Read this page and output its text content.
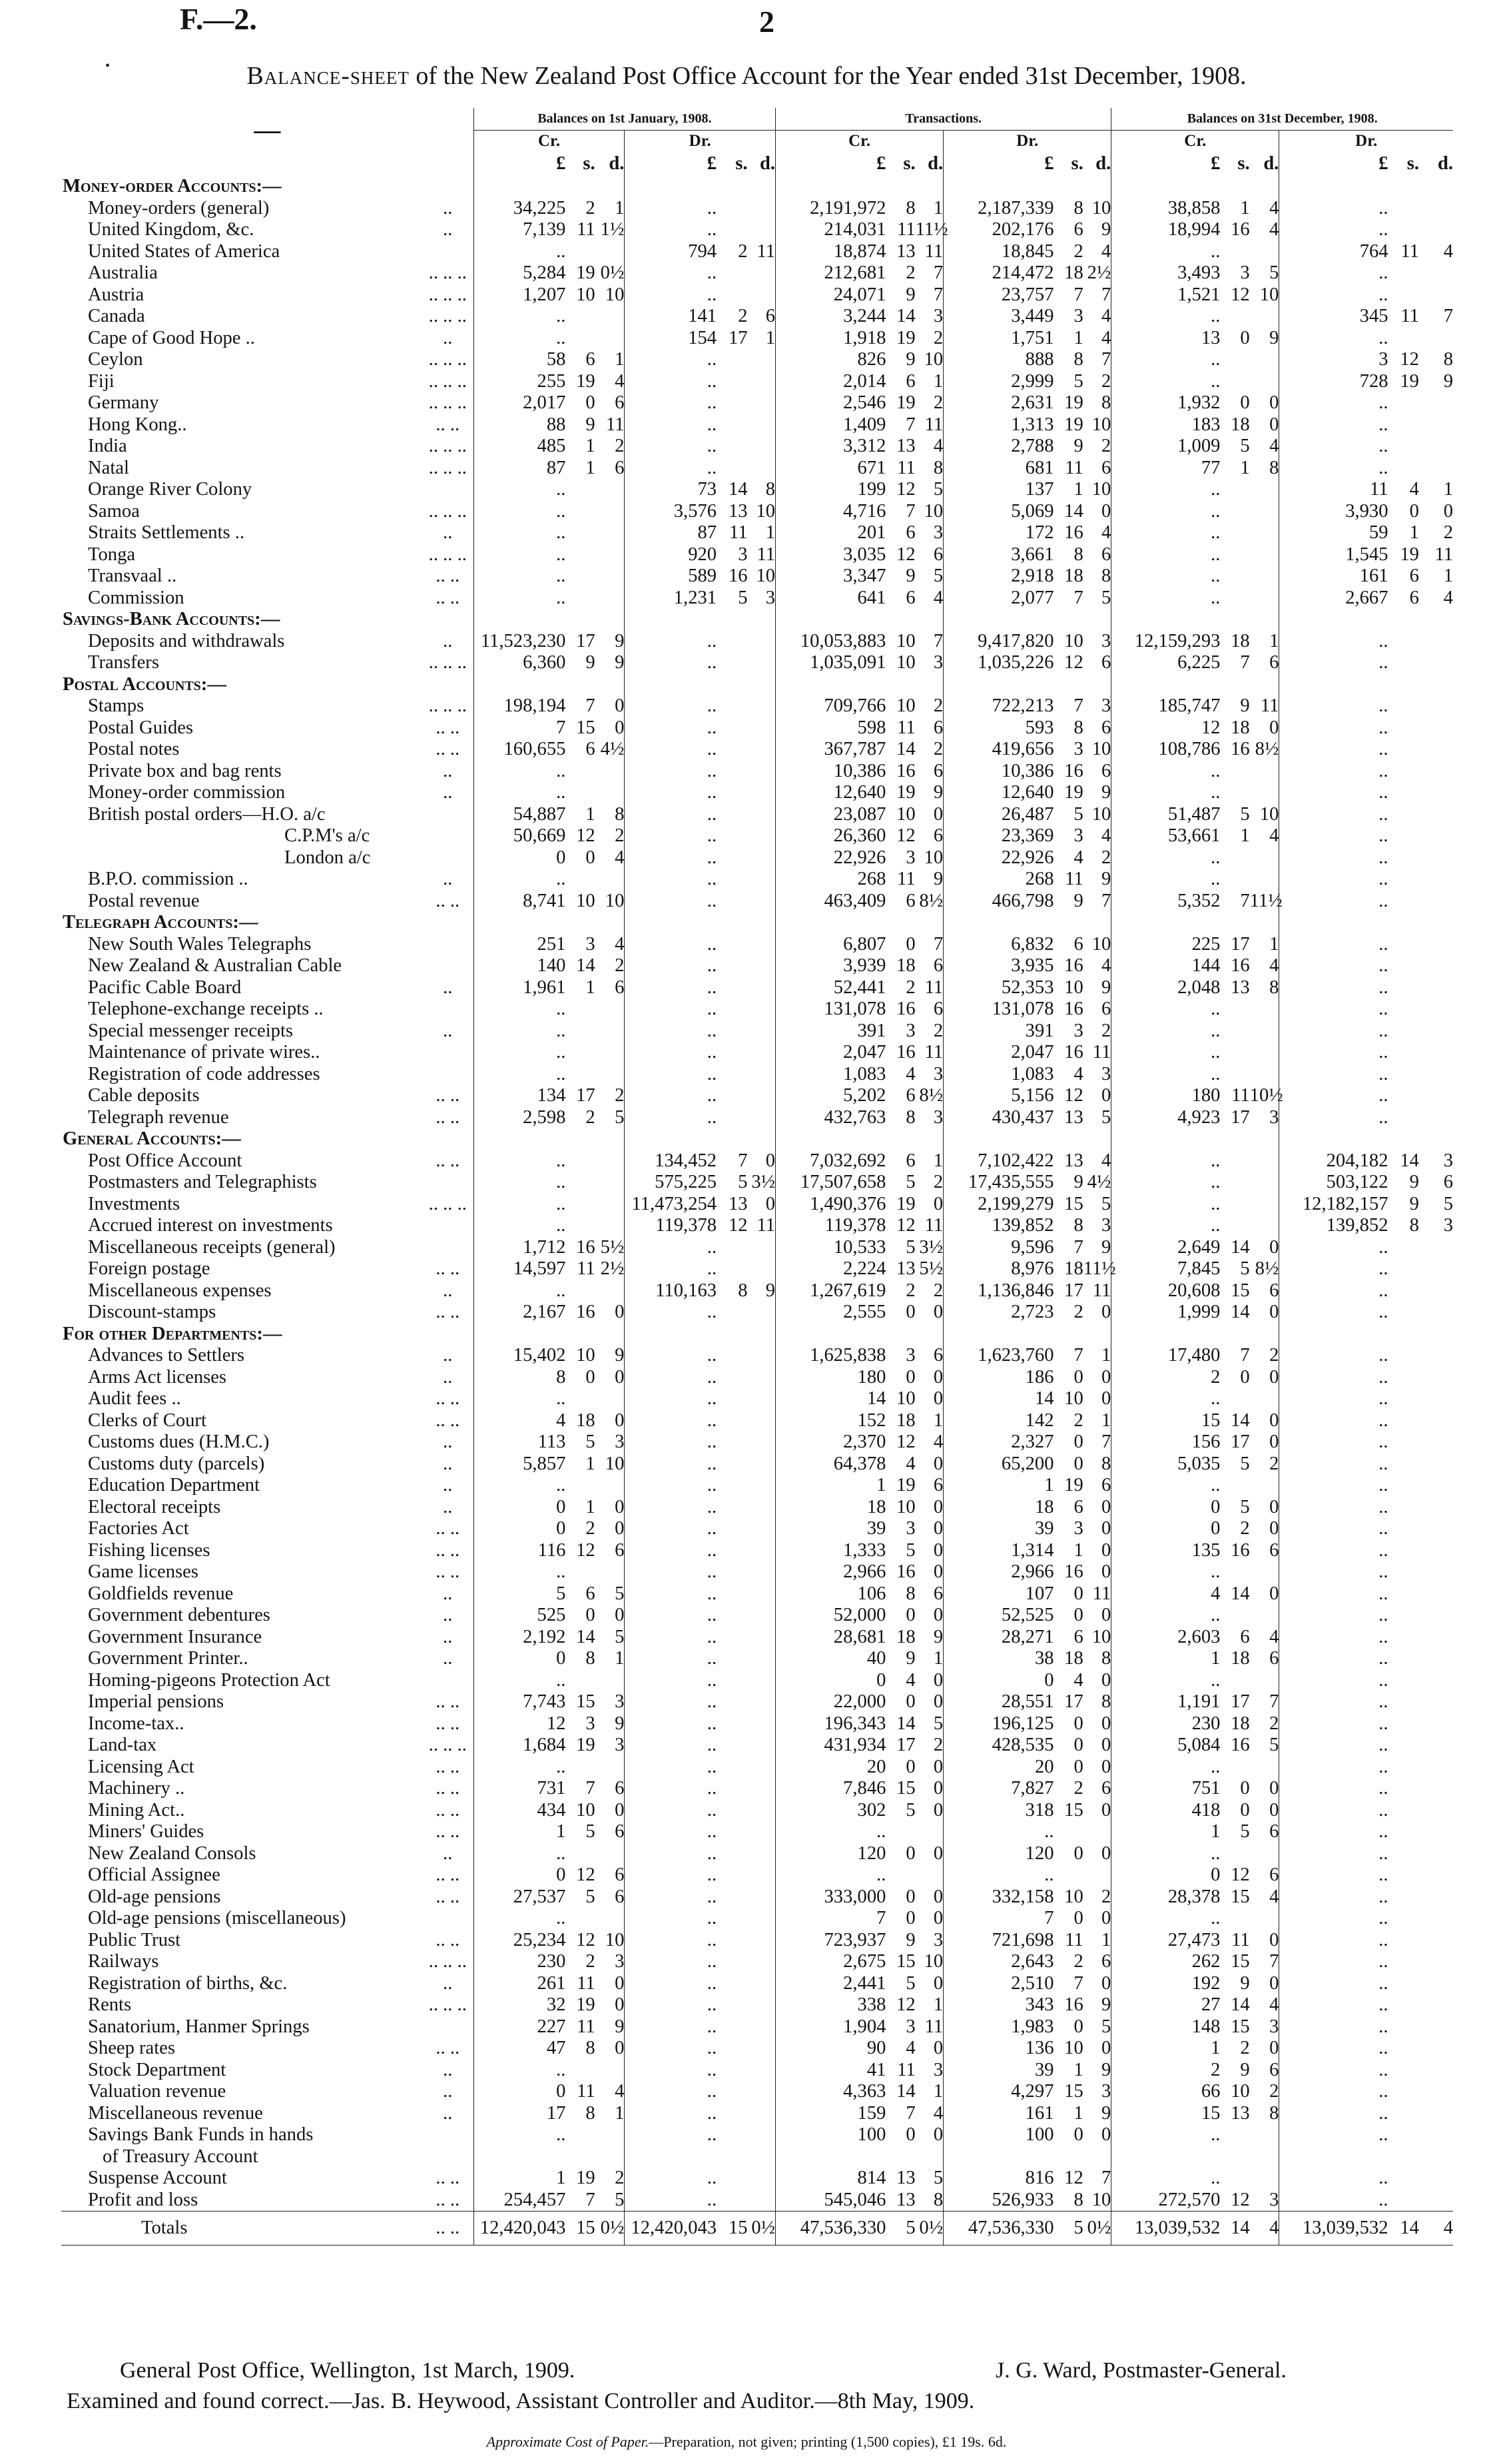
F.—2.	2
•	Balance-sheet of the New Zealand Post Office Account for the Year ended 31st December, 1908.
—		Balances on 1st January, 1908.						Transactions.						Balances on 31st December, 1908.					
		Cr.			Dr.			Cr.			Dr.			Cr.			Dr.		
		£	s.	d.	£	s.	d.	£	s.	d.	£	s.	d.	£	s.	d.	£	s.	d.
Money-order Accounts:—																			
Money-orders (general)	..	34,225	2	1	..			2,191,972	8	1	2,187,339	8	10	38,858	1	4	..		
United Kingdom, &c.	..	7,139	11	1½	..			214,031	11	11½	202,176	6	9	18,994	16	4	..		
United States of America		..			794	2	11	18,874	13	11	18,845	2	4	..			764	11	4
Australia	.. .. ..	5,284	19	0½	..			212,681	2	7	214,472	18	2½	3,493	3	5	..		
Austria	.. .. ..	1,207	10	10	..			24,071	9	7	23,757	7	7	1,521	12	10	..		
Canada	.. .. ..	..			141	2	6	3,244	14	3	3,449	3	4	..			345	11	7
Cape of Good Hope ..	..	..			154	17	1	1,918	19	2	1,751	1	4	13	0	9	..		
Ceylon	.. .. ..	58	6	1	..			826	9	10	888	8	7	..			3	12	8
Fiji	.. .. ..	255	19	4	..			2,014	6	1	2,999	5	2	..			728	19	9
Germany	.. .. ..	2,017	0	6	..			2,546	19	2	2,631	19	8	1,932	0	0	..		
Hong Kong..	.. ..	88	9	11	..			1,409	7	11	1,313	19	10	183	18	0	..		
India	.. .. ..	485	1	2	..			3,312	13	4	2,788	9	2	1,009	5	4	..		
Natal	.. .. ..	87	1	6	..			671	11	8	681	11	6	77	1	8	..		
Orange River Colony		..			73	14	8	199	12	5	137	1	10	..			11	4	1
Samoa	.. .. ..	..			3,576	13	10	4,716	7	10	5,069	14	0	..			3,930	0	0
Straits Settlements ..	..	..			87	11	1	201	6	3	172	16	4	..			59	1	2
Tonga	.. .. ..	..			920	3	11	3,035	12	6	3,661	8	6	..			1,545	19	11
Transvaal ..	.. ..	..			589	16	10	3,347	9	5	2,918	18	8	..			161	6	1
Commission	.. ..	..			1,231	5	3	641	6	4	2,077	7	5	..			2,667	6	4
Savings-Bank Accounts:—																			
Deposits and withdrawals	..	11,523,230	17	9	..			10,053,883	10	7	9,417,820	10	3	12,159,293	18	1	..		
Transfers	.. .. ..	6,360	9	9	..			1,035,091	10	3	1,035,226	12	6	6,225	7	6	..		
Postal Accounts:—																			
Stamps	.. .. ..	198,194	7	0	..			709,766	10	2	722,213	7	3	185,747	9	11	..		
Postal Guides	.. ..	7	15	0	..			598	11	6	593	8	6	12	18	0	..		
Postal notes	.. ..	160,655	6	4½	..			367,787	14	2	419,656	3	10	108,786	16	8½	..		
Private box and bag rents	..	..			..			10,386	16	6	10,386	16	6	..			..		
Money-order commission	..	..			..			12,640	19	9	12,640	19	9	..			..		
British postal orders—H.O. a/c		54,887	1	8	..			23,087	10	0	26,487	5	10	51,487	5	10	..		
C.P.M's a/c		50,669	12	2	..			26,360	12	6	23,369	3	4	53,661	1	4	..		
London a/c		0	0	4	..			22,926	3	10	22,926	4	2	..			..		
B.P.O. commission ..	..	..			..			268	11	9	268	11	9	..			..		
Postal revenue	.. ..	8,741	10	10	..			463,409	6	8½	466,798	9	7	5,352	7	11½	..		
Telegraph Accounts:—																			
New South Wales Telegraphs		251	3	4	..			6,807	0	7	6,832	6	10	225	17	1	..		
New Zealand & Australian Cable		140	14	2	..			3,939	18	6	3,935	16	4	144	16	4	..		
Pacific Cable Board	..	1,961	1	6	..			52,441	2	11	52,353	10	9	2,048	13	8	..		
Telephone-exchange receipts ..		..			..			131,078	16	6	131,078	16	6	..			..		
Special messenger receipts	..	..			..			391	3	2	391	3	2	..			..		
Maintenance of private wires..		..			..			2,047	16	11	2,047	16	11	..			..		
Registration of code addresses		..			..			1,083	4	3	1,083	4	3	..			..		
Cable deposits	.. ..	134	17	2	..			5,202	6	8½	5,156	12	0	180	11	10½	..		
Telegraph revenue	.. ..	2,598	2	5	..			432,763	8	3	430,437	13	5	4,923	17	3	..		
General Accounts:—																			
Post Office Account	.. ..	..			134,452	7	0	7,032,692	6	1	7,102,422	13	4	..			204,182	14	3
Postmasters and Telegraphists		..			575,225	5	3½	17,507,658	5	2	17,435,555	9	4½	..			503,122	9	6
Investments	.. .. ..	..			11,473,254	13	0	1,490,376	19	0	2,199,279	15	5	..			12,182,157	9	5
Accrued interest on investments		..			119,378	12	11	119,378	12	11	139,852	8	3	..			139,852	8	3
Miscellaneous receipts (general)		1,712	16	5½	..			10,533	5	3½	9,596	7	9	2,649	14	0	..		
Foreign postage	.. ..	14,597	11	2½	..			2,224	13	5½	8,976	18	11½	7,845	5	8½	..		
Miscellaneous expenses	..	..			110,163	8	9	1,267,619	2	2	1,136,846	17	11	20,608	15	6	..		
Discount-stamps	.. ..	2,167	16	0	..			2,555	0	0	2,723	2	0	1,999	14	0	..		
For other Departments:—																			
Advances to Settlers	..	15,402	10	9	..			1,625,838	3	6	1,623,760	7	1	17,480	7	2	..		
Arms Act licenses	..	8	0	0	..			180	0	0	186	0	0	2	0	0	..		
Audit fees ..	.. ..	..			..			14	10	0	14	10	0	..			..		
Clerks of Court	.. ..	4	18	0	..			152	18	1	142	2	1	15	14	0	..		
Customs dues (H.M.C.)	..	113	5	3	..			2,370	12	4	2,327	0	7	156	17	0	..		
Customs duty (parcels)	..	5,857	1	10	..			64,378	4	0	65,200	0	8	5,035	5	2	..		
Education Department	..	..			..			1	19	6	1	19	6	..			..		
Electoral receipts	..	0	1	0	..			18	10	0	18	6	0	0	5	0	..		
Factories Act	.. ..	0	2	0	..			39	3	0	39	3	0	0	2	0	..		
Fishing licenses	.. ..	116	12	6	..			1,333	5	0	1,314	1	0	135	16	6	..		
Game licenses	.. ..	..			..			2,966	16	0	2,966	16	0	..			..		
Goldfields revenue	..	5	6	5	..			106	8	6	107	0	11	4	14	0	..		
Government debentures	..	525	0	0	..			52,000	0	0	52,525	0	0	..			..		
Government Insurance	..	2,192	14	5	..			28,681	18	9	28,271	6	10	2,603	6	4	..		
Government Printer..	..	0	8	1	..			40	9	1	38	18	8	1	18	6	..		
Homing-pigeons Protection Act		..			..			0	4	0	0	4	0	..			..		
Imperial pensions	.. ..	7,743	15	3	..			22,000	0	0	28,551	17	8	1,191	17	7	..		
Income-tax..	.. ..	12	3	9	..			196,343	14	5	196,125	0	0	230	18	2	..		
Land-tax	.. .. ..	1,684	19	3	..			431,934	17	2	428,535	0	0	5,084	16	5	..		
Licensing Act	.. ..	..			..			20	0	0	20	0	0	..			..		
Machinery ..	.. ..	731	7	6	..			7,846	15	0	7,827	2	6	751	0	0	..		
Mining Act..	.. ..	434	10	0	..			302	5	0	318	15	0	418	0	0	..		
Miners' Guides	.. ..	1	5	6	..			..			..			1	5	6	..		
New Zealand Consols	..	..			..			120	0	0	120	0	0	..			..		
Official Assignee	.. ..	0	12	6	..			..			..			0	12	6	..		
Old-age pensions	.. ..	27,537	5	6	..			333,000	0	0	332,158	10	2	28,378	15	4	..		
Old-age pensions (miscellaneous)		..			..			7	0	0	7	0	0	..			..		
Public Trust	.. ..	25,234	12	10	..			723,937	9	3	721,698	11	1	27,473	11	0	..		
Railways	.. .. ..	230	2	3	..			2,675	15	10	2,643	2	6	262	15	7	..		
Registration of births, &c.	..	261	11	0	..			2,441	5	0	2,510	7	0	192	9	0	..		
Rents	.. .. ..	32	19	0	..			338	12	1	343	16	9	27	14	4	..		
Sanatorium, Hanmer Springs		227	11	9	..			1,904	3	11	1,983	0	5	148	15	3	..		
Sheep rates	.. ..	47	8	0	..			90	4	0	136	10	0	1	2	0	..		
Stock Department	..	..			..			41	11	3	39	1	9	2	9	6	..		
Valuation revenue	..	0	11	4	..			4,363	14	1	4,297	15	3	66	10	2	..		
Miscellaneous revenue	..	17	8	1	..			159	7	4	161	1	9	15	13	8	..		
Savings Bank Funds in hands		..			..			100	0	0	100	0	0	..			..		
of Treasury Account																			
Suspense Account	.. ..	1	19	2	..			814	13	5	816	12	7	..			..		
Profit and loss	.. ..	254,457	7	5	..			545,046	13	8	526,933	8	10	272,570	12	3	..		
Totals	.. ..	12,420,043	15	0½	12,420,043	15	0½	47,536,330	5	0½	47,536,330	5	0½	13,039,532	14	4	13,039,532	14	4
General Post Office, Wellington, 1st March, 1909.	J. G. Ward, Postmaster-General.
Examined and found correct.—Jas. B. Heywood, Assistant Controller and Auditor.—8th May, 1909.
Approximate Cost of Paper.—Preparation, not given; printing (1,500 copies), £1 19s. 6d.
